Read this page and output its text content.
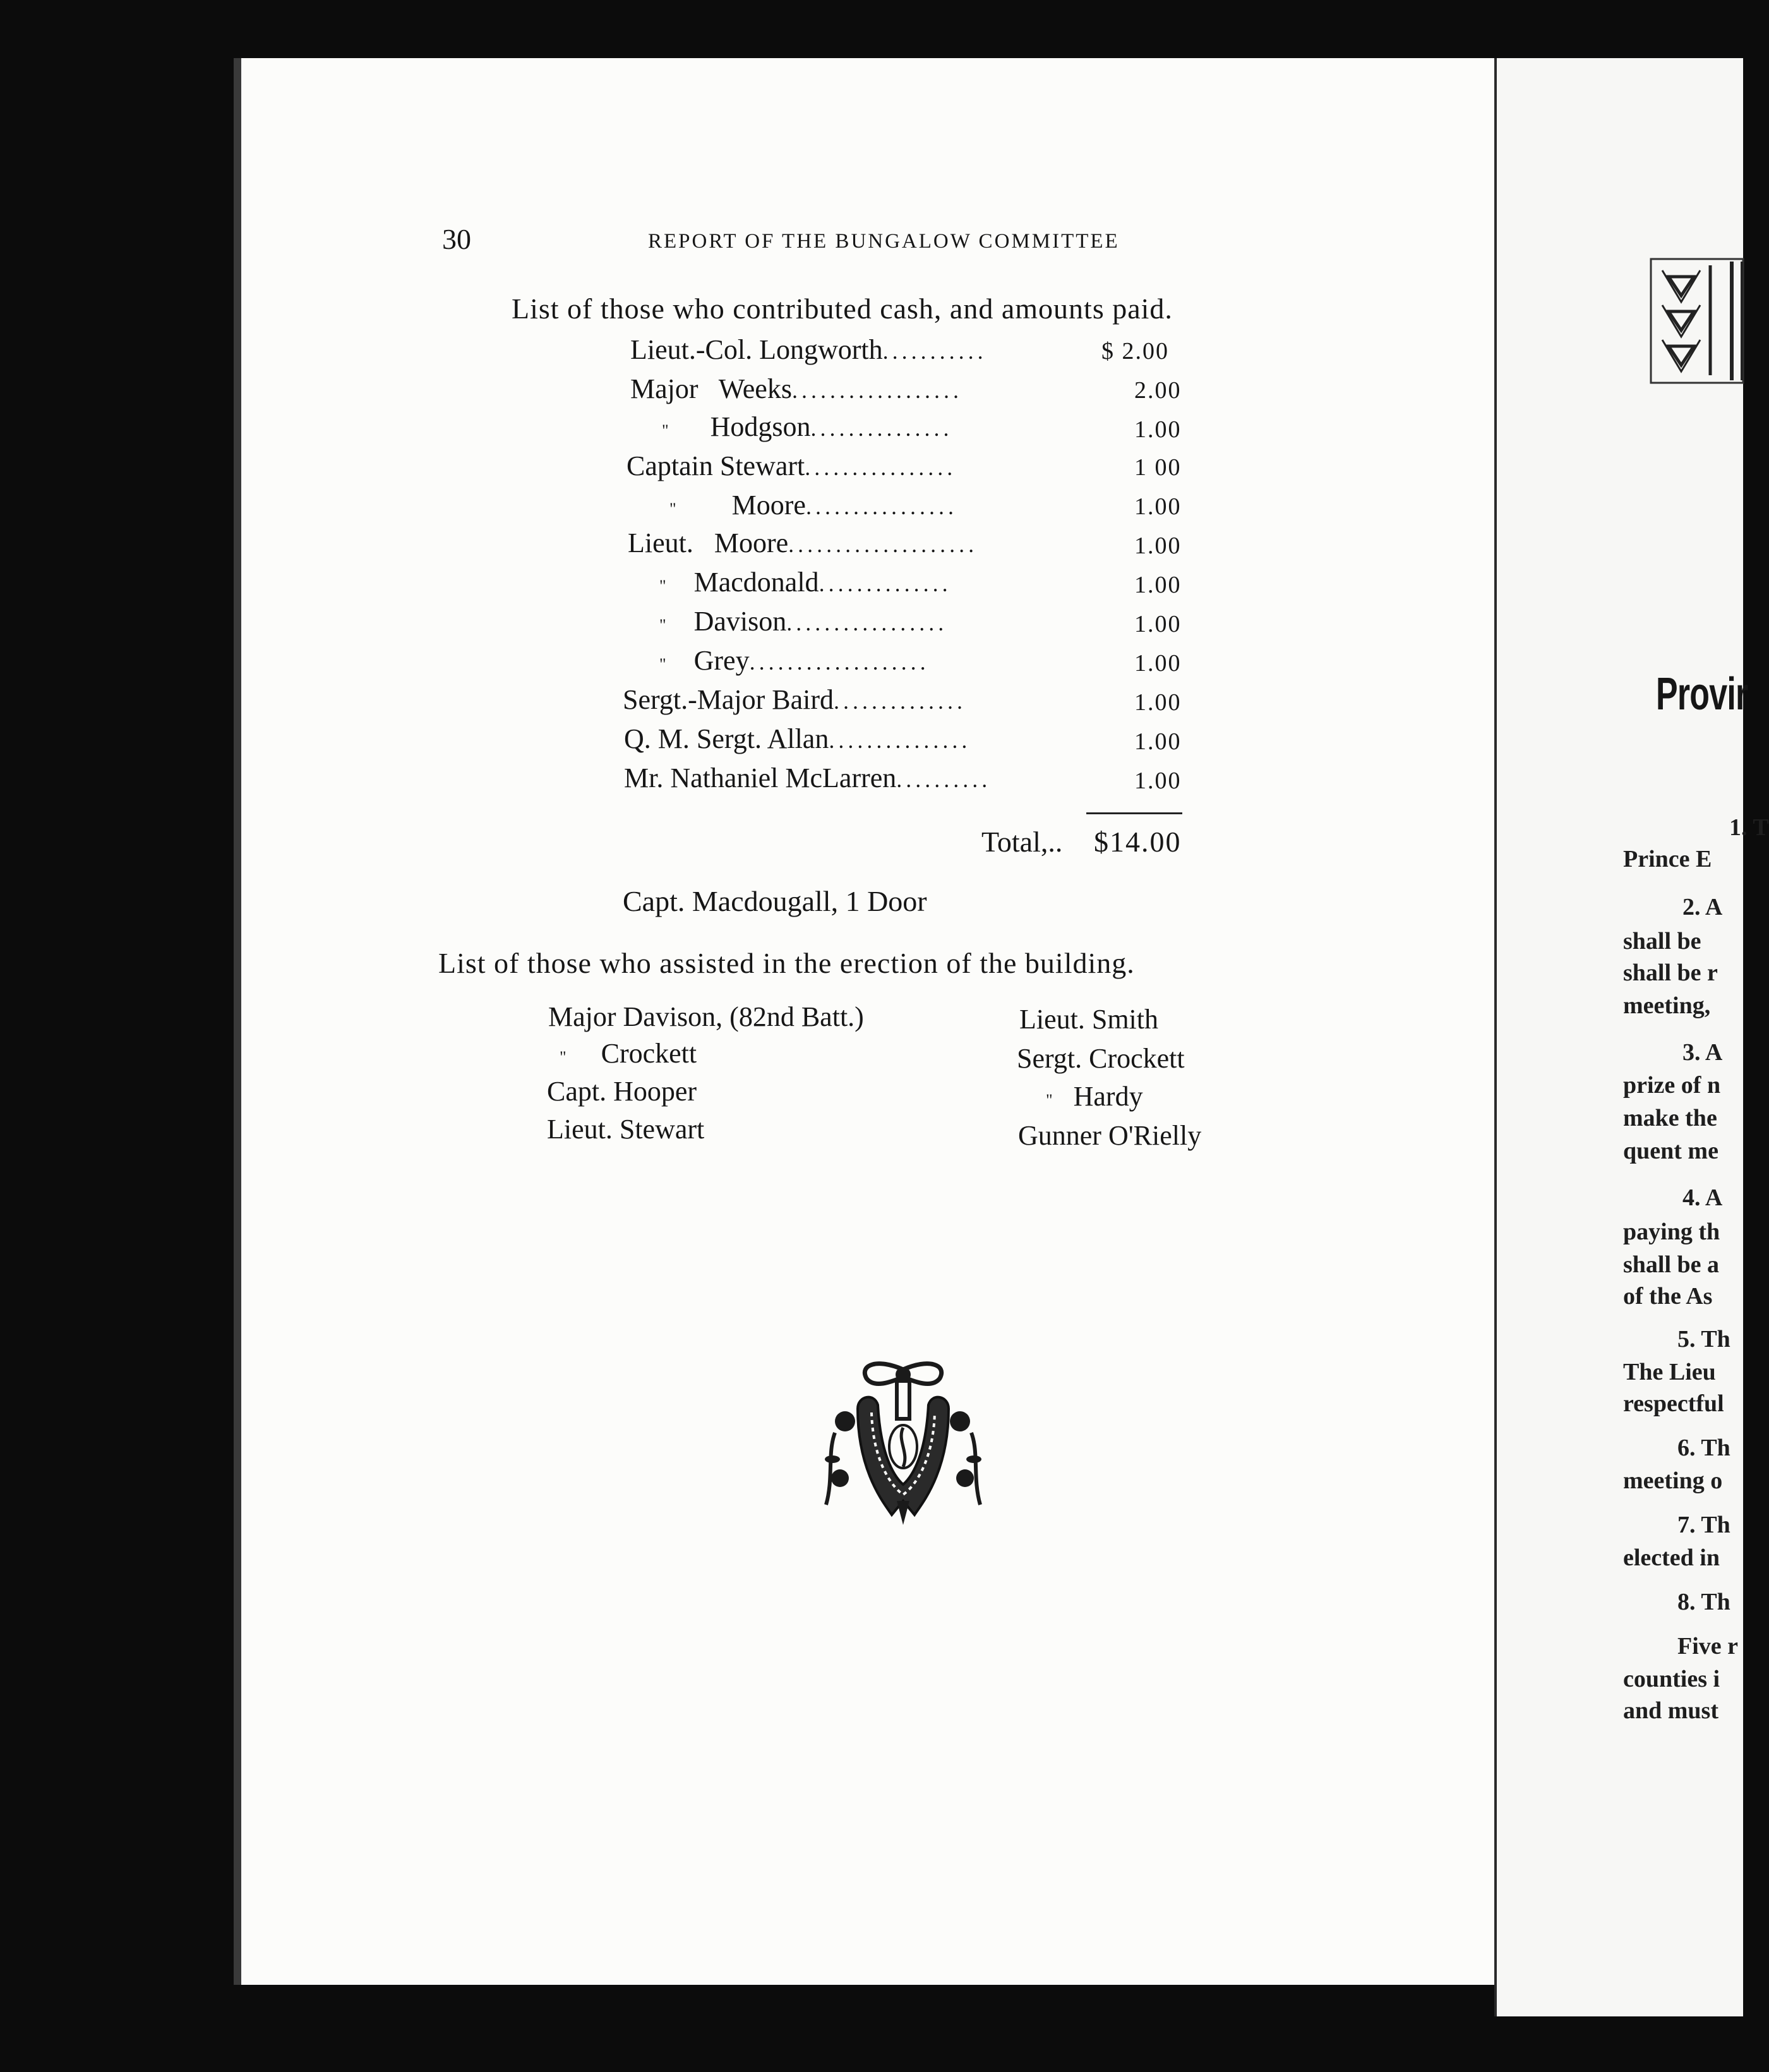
30	REPORT OF THE BUNGALOW COMMITTEE
List of those who contributed cash, and amounts paid.
Lieut.-Col. Longworth...........	$ 2.00
Major Weeks..................	2.00
" Hodgson...............	1.00
Captain Stewart................	1 00
" Moore................	1.00
Lieut. Moore....................	1.00
" Macdonald..............	1.00
" Davison.................	1.00
" Grey...................	1.00
Sergt.-Major Baird..............	1.00
Q. M. Sergt. Allan...............	1.00
Mr. Nathaniel McLarren..........	1.00
Total,.. $14.00
Capt. Macdougall, 1 Door
List of those who assisted in the erection of the building.
Major Davison, (82nd Batt.)
" Crockett
Capt. Hooper
Lieut. Stewart
Lieut. Smith
Sergt. Crockett
" Hardy
Gunner O'Rielly
Provir
1. T
Prince E
2. A
shall be
shall be r
meeting,
3. A
prize of n
make the
quent me
4. A
paying th
shall be a
of the As
5. Th
The Lieu
respectful
6. Th
meeting o
7. Th
elected in
8. Th
Five r
counties i
and must
